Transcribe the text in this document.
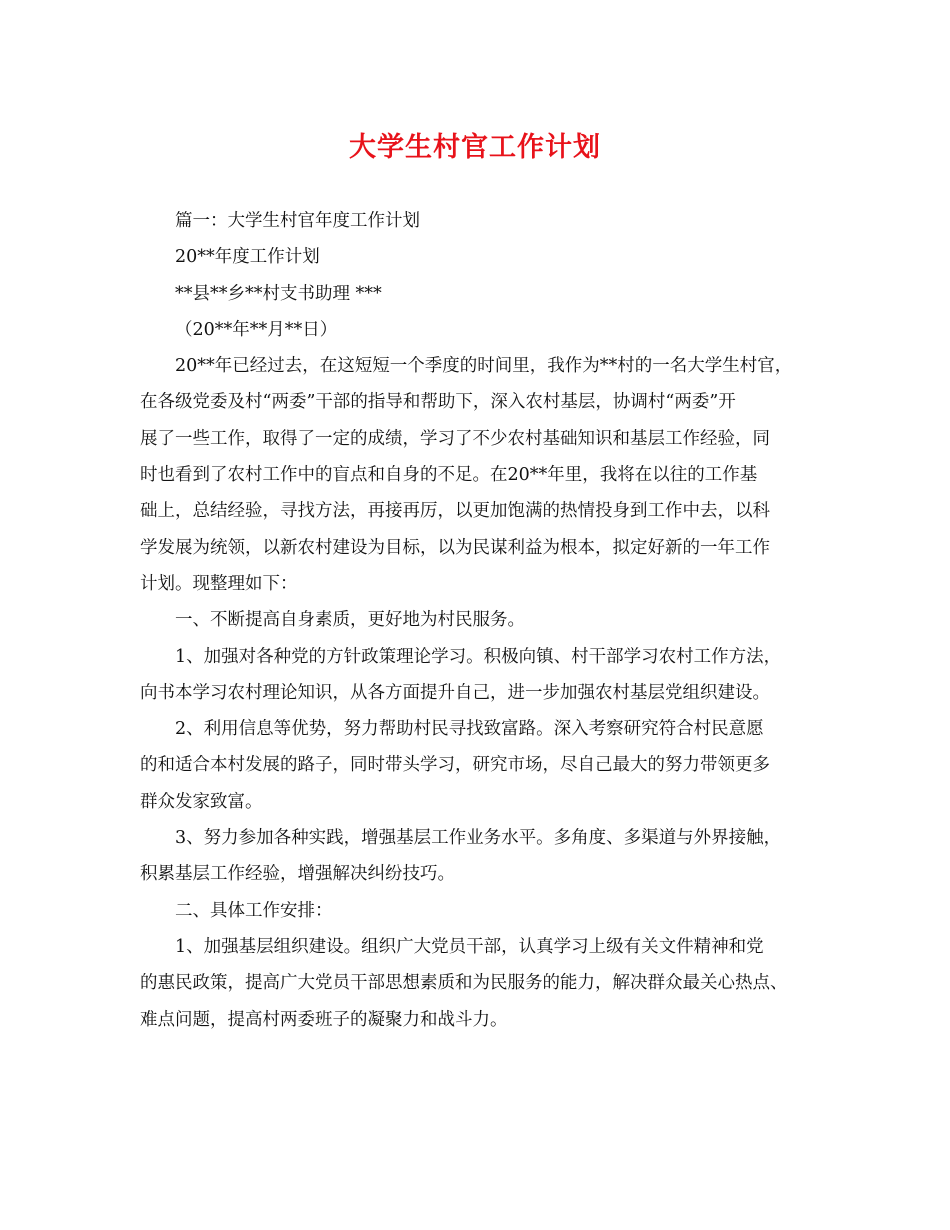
大学生村官工作计划
篇一：大学生村官年度工作计划
20**年度工作计划
**县**乡**村支书助理 ***
（20**年**月**日）
20**年已经过去，在这短短一个季度的时间里，我作为**村的一名大学生村官，
在各级党委及村“两委”干部的指导和帮助下，深入农村基层，协调村“两委”开
展了一些工作，取得了一定的成绩，学习了不少农村基础知识和基层工作经验，同
时也看到了农村工作中的盲点和自身的不足。在20**年里，我将在以往的工作基
础上，总结经验，寻找方法，再接再厉，以更加饱满的热情投身到工作中去，以科
学发展为统领，以新农村建设为目标，以为民谋利益为根本，拟定好新的一年工作
计划。现整理如下：
一、不断提高自身素质，更好地为村民服务。
1、加强对各种党的方针政策理论学习。积极向镇、村干部学习农村工作方法，
向书本学习农村理论知识，从各方面提升自己，进一步加强农村基层党组织建设。
2、利用信息等优势，努力帮助村民寻找致富路。深入考察研究符合村民意愿
的和适合本村发展的路子，同时带头学习，研究市场，尽自己最大的努力带领更多
群众发家致富。
3、努力参加各种实践，增强基层工作业务水平。多角度、多渠道与外界接触，
积累基层工作经验，增强解决纠纷技巧。
二、具体工作安排：
1、加强基层组织建设。组织广大党员干部，认真学习上级有关文件精神和党
的惠民政策，提高广大党员干部思想素质和为民服务的能力，解决群众最关心热点、
难点问题，提高村两委班子的凝聚力和战斗力。
